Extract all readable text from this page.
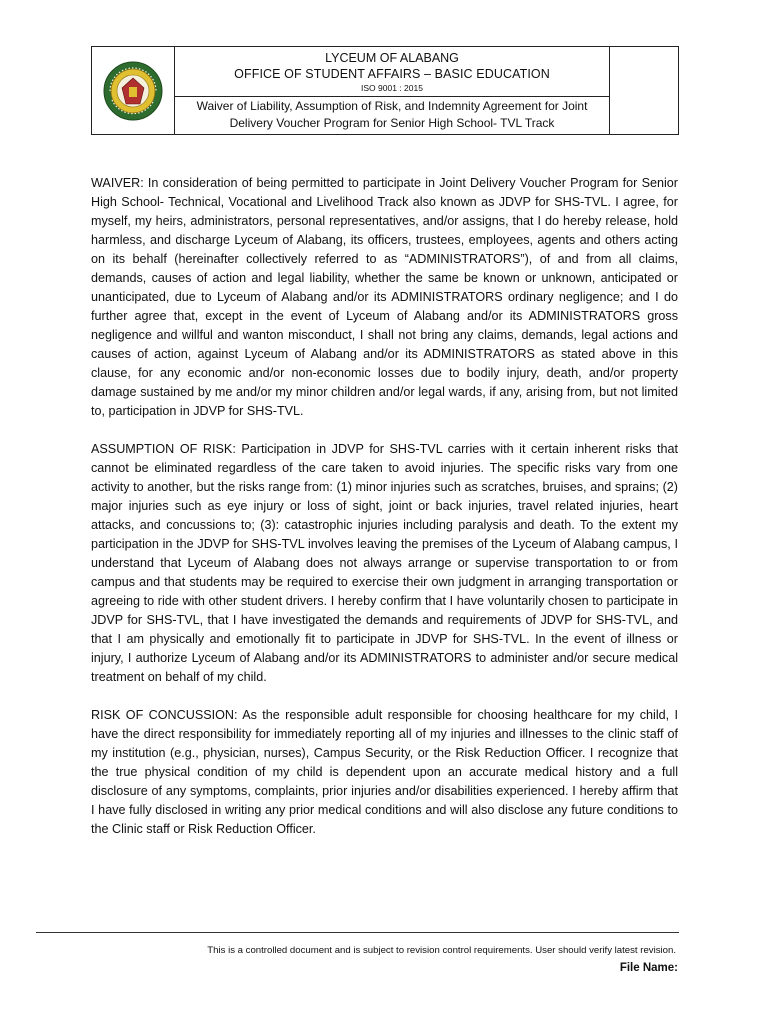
LYCEUM OF ALABANG
OFFICE OF STUDENT AFFAIRS – BASIC EDUCATION
ISO 9001 : 2015

Waiver of Liability, Assumption of Risk, and Indemnity Agreement for Joint Delivery Voucher Program for Senior High School- TVL Track

WAIVER: In consideration of being permitted to participate in Joint Delivery Voucher Program for Senior High School- Technical, Vocational and Livelihood Track also known as JDVP for SHS-TVL. I agree, for myself, my heirs, administrators, personal representatives, and/or assigns, that I do hereby release, hold harmless, and discharge Lyceum of Alabang, its officers, trustees, employees, agents and others acting on its behalf (hereinafter collectively referred to as “ADMINISTRATORS”), of and from all claims, demands, causes of action and legal liability, whether the same be known or unknown, anticipated or unanticipated, due to Lyceum of Alabang and/or its ADMINISTRATORS ordinary negligence; and I do further agree that, except in the event of Lyceum of Alabang and/or its ADMINISTRATORS gross negligence and willful and wanton misconduct, I shall not bring any claims, demands, legal actions and causes of action, against Lyceum of Alabang and/or its ADMINISTRATORS as stated above in this clause, for any economic and/or non-economic losses due to bodily injury, death, and/or property damage sustained by me and/or my minor children and/or legal wards, if any, arising from, but not limited to, participation in JDVP for SHS-TVL.

ASSUMPTION OF RISK: Participation in JDVP for SHS-TVL carries with it certain inherent risks that cannot be eliminated regardless of the care taken to avoid injuries. The specific risks vary from one activity to another, but the risks range from: (1) minor injuries such as scratches, bruises, and sprains; (2) major injuries such as eye injury or loss of sight, joint or back injuries, travel related injuries, heart attacks, and concussions to; (3): catastrophic injuries including paralysis and death. To the extent my participation in the JDVP for SHS-TVL involves leaving the premises of the Lyceum of Alabang campus, I understand that Lyceum of Alabang does not always arrange or supervise transportation to or from campus and that students may be required to exercise their own judgment in arranging transportation or agreeing to ride with other student drivers. I hereby confirm that I have voluntarily chosen to participate in JDVP for SHS-TVL, that I have investigated the demands and requirements of JDVP for SHS-TVL, and that I am physically and emotionally fit to participate in JDVP for SHS-TVL. In the event of illness or injury, I authorize Lyceum of Alabang and/or its ADMINISTRATORS to administer and/or secure medical treatment on behalf of my child.

RISK OF CONCUSSION: As the responsible adult responsible for choosing healthcare for my child, I have the direct responsibility for immediately reporting all of my injuries and illnesses to the clinic staff of my institution (e.g., physician, nurses), Campus Security, or the Risk Reduction Officer. I recognize that the true physical condition of my child is dependent upon an accurate medical history and a full disclosure of any symptoms, complaints, prior injuries and/or disabilities experienced. I hereby affirm that I have fully disclosed in writing any prior medical conditions and will also disclose any future conditions to the Clinic staff or Risk Reduction Officer.

This is a controlled document and is subject to revision control requirements. User should verify latest revision.
File Name:
